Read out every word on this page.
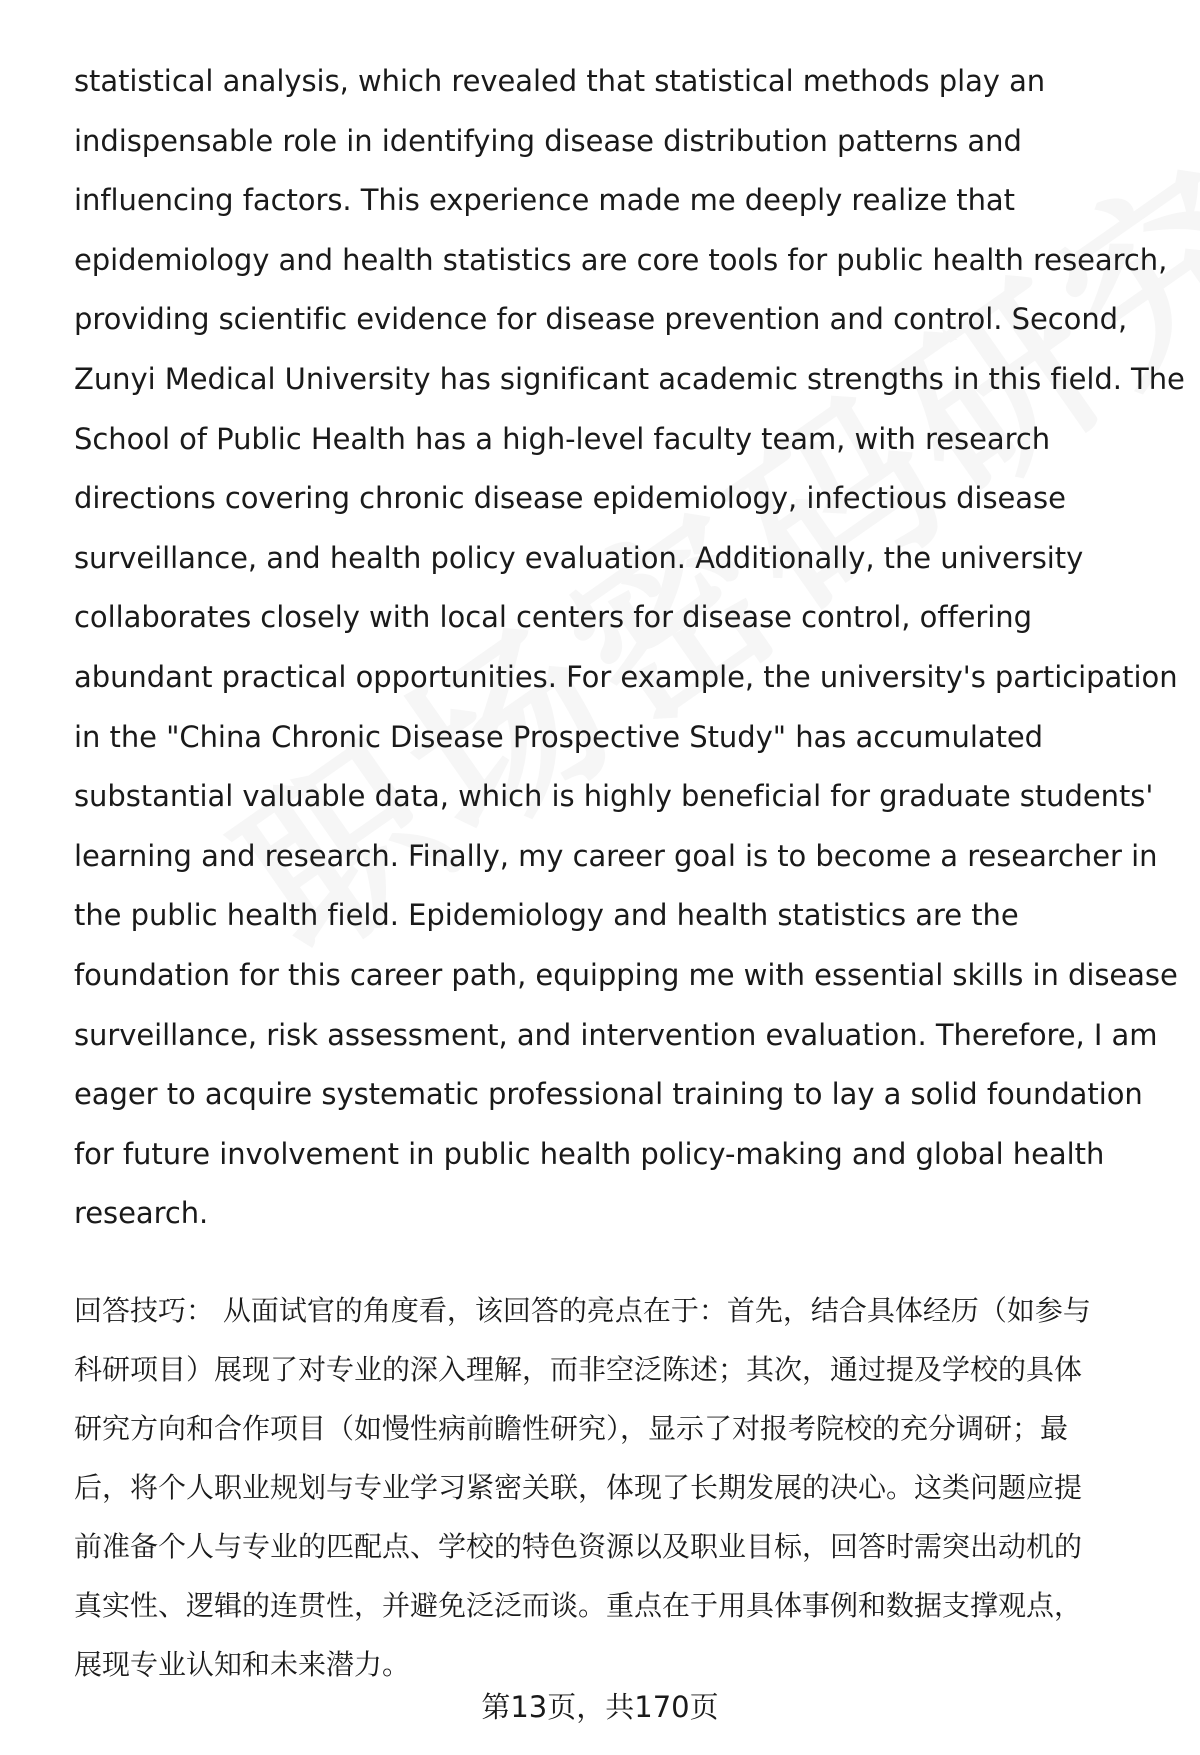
statistical analysis, which revealed that statistical methods play an
indispensable role in identifying disease distribution patterns and
influencing factors. This experience made me deeply realize that
epidemiology and health statistics are core tools for public health research,
providing scientific evidence for disease prevention and control. Second,
Zunyi Medical University has significant academic strengths in this field. The
School of Public Health has a high-level faculty team, with research
directions covering chronic disease epidemiology, infectious disease
surveillance, and health policy evaluation. Additionally, the university
collaborates closely with local centers for disease control, offering
abundant practical opportunities. For example, the university's participation
in the "China Chronic Disease Prospective Study" has accumulated
substantial valuable data, which is highly beneficial for graduate students'
learning and research. Finally, my career goal is to become a researcher in
the public health field. Epidemiology and health statistics are the
foundation for this career path, equipping me with essential skills in disease
surveillance, risk assessment, and intervention evaluation. Therefore, I am
eager to acquire systematic professional training to lay a solid foundation
for future involvement in public health policy-making and global health
research.
回答技巧： 从面试官的角度看，该回答的亮点在于：首先，结合具体经历（如参与
科研项目）展现了对专业的深入理解，而非空泛陈述；其次，通过提及学校的具体
研究方向和合作项目（如慢性病前瞻性研究），显示了对报考院校的充分调研；最
后，将个人职业规划与专业学习紧密关联，体现了长期发展的决心。这类问题应提
前准备个人与专业的匹配点、学校的特色资源以及职业目标，回答时需突出动机的
真实性、逻辑的连贯性，并避免泛泛而谈。重点在于用具体事例和数据支撑观点，
展现专业认知和未来潜力。
第13页，共170页
